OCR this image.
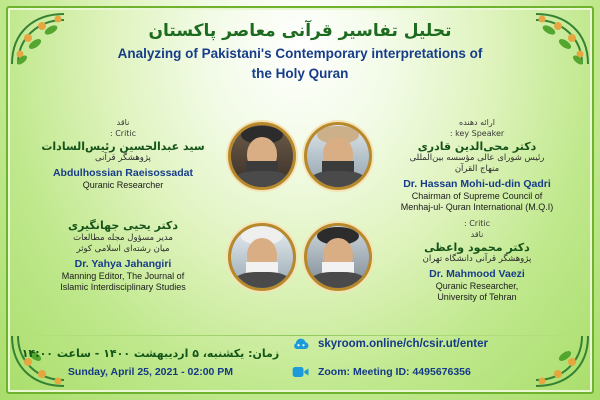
تحلیل تفاسیر قرآنی معاصر پاکستان
Analyzing of Pakistani's Contemporary interpretations of
the Holy Quran
ناقد
Critic :
سید عبدالحسین رئیس‌السادات
پژوهشگر قرآنی
Abdulhossian Raeisossadat
Quranic Researcher
ارائه دهنده
key Speaker :
دکتر محی‌الدین قادری
رئیس شورای عالی مؤسسه بین‌المللی
منهاج القرآن
Dr. Hassan Mohi-ud-din Qadri
Chairman of Supreme Council of
Menhaj-ul- Quran International (M.Q.I)
دکتر یحیی جهانگیری
مدیر مسؤول مجله مطالعات
میان رشته‌ای اسلامی کوثر
Dr. Yahya Jahangiri
Manning Editor, The Journal of
Islamic Interdisciplinary Studies
Critic :
ناقد
دکتر محمود واعظی
پژوهشگر قرآنی دانشگاه تهران
Dr. Mahmood Vaezi
Quranic Researcher,
University of Tehran
زمان: یکشنبه، ۵ اردیبهشت ۱۴۰۰ - ساعت ۱۴:۰۰
Sunday, April 25, 2021 - 02:00 PM
skyroom.online/ch/csir.ut/enter
Zoom: Meeting ID: 4495676356
